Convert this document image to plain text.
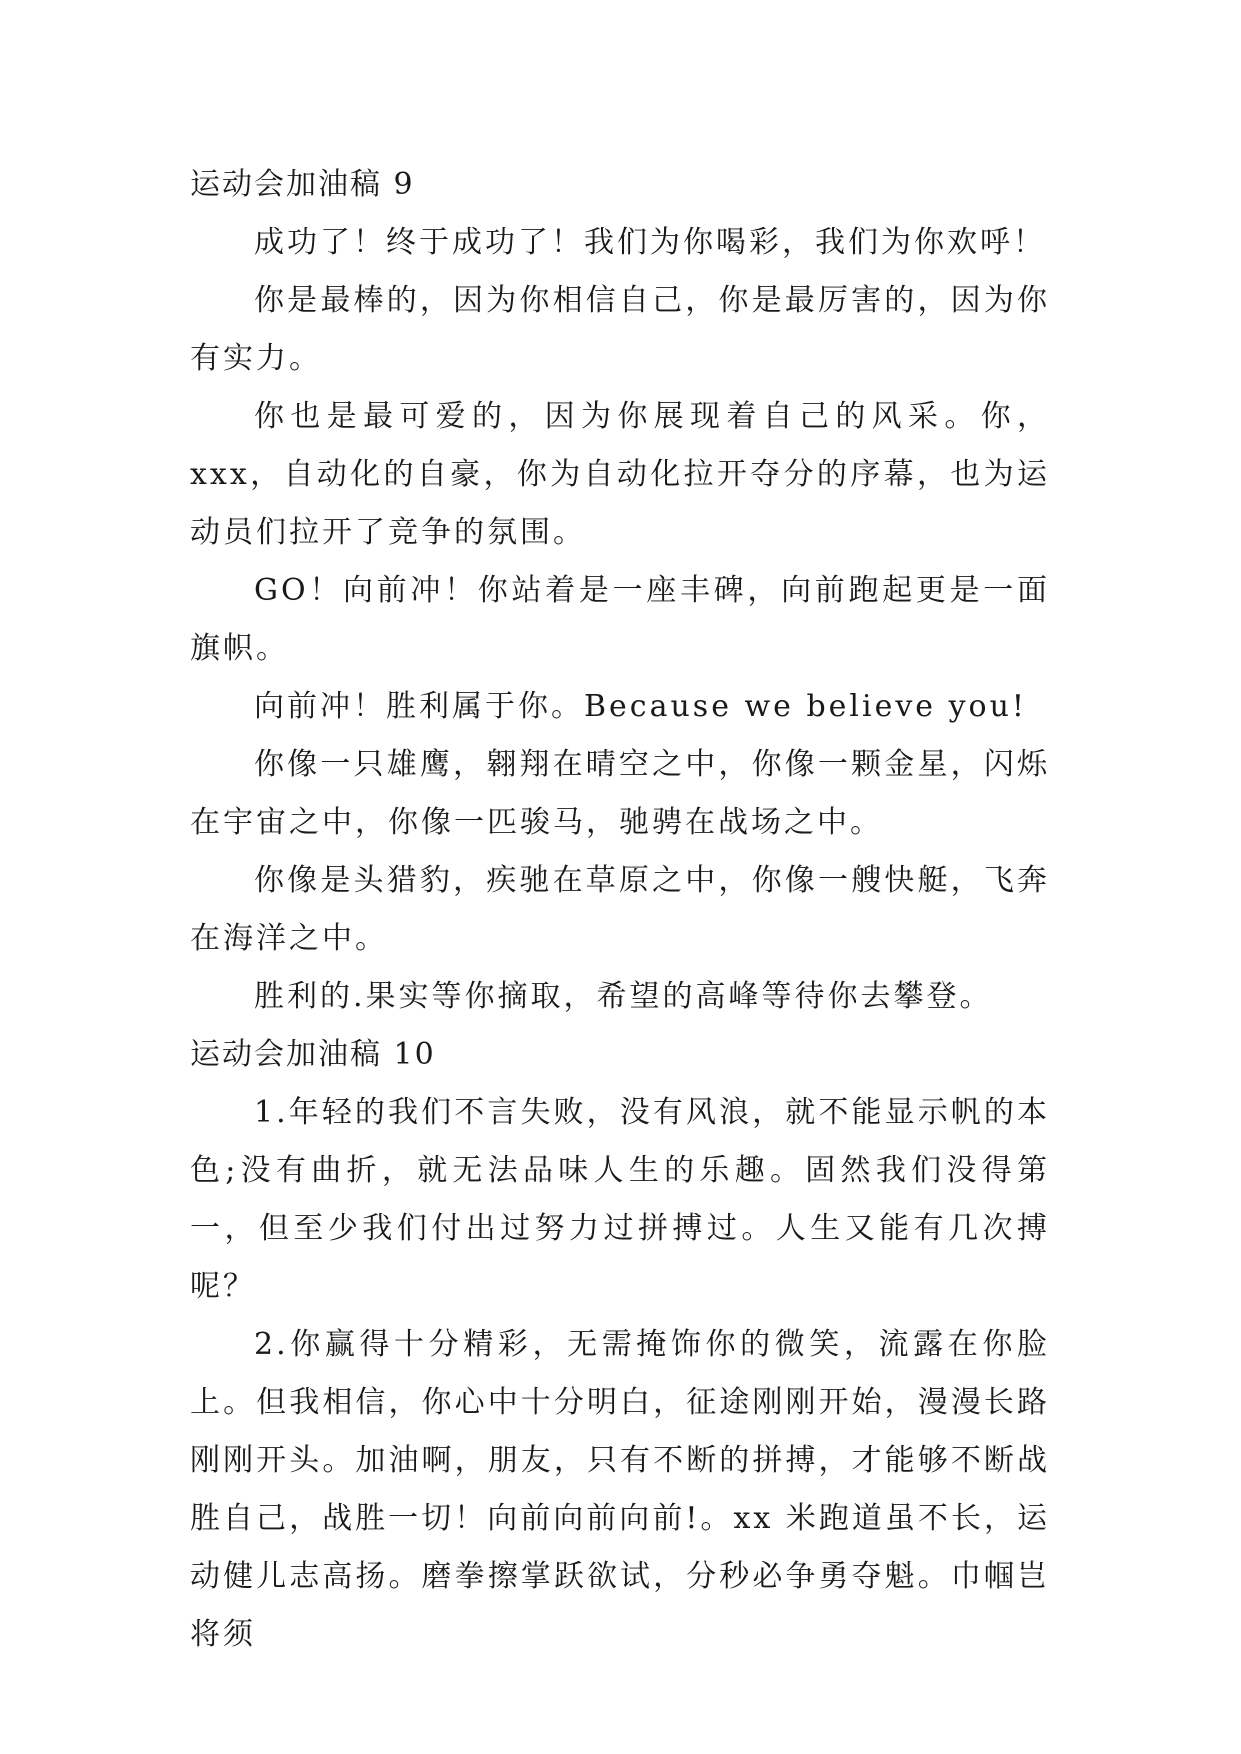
运动会加油稿 9

成功了！终于成功了！我们为你喝彩，我们为你欢呼！

你是最棒的，因为你相信自己，你是最厉害的，因为你有实力。

你也是最可爱的，因为你展现着自己的风采。你，xxx，自动化的自豪，你为自动化拉开夺分的序幕，也为运动员们拉开了竞争的氛围。

GO！向前冲！你站着是一座丰碑，向前跑起更是一面旗帜。

向前冲！胜利属于你。Because we believe you!

你像一只雄鹰，翱翔在晴空之中，你像一颗金星，闪烁在宇宙之中，你像一匹骏马，驰骋在战场之中。

你像是头猎豹，疾驰在草原之中，你像一艘快艇，飞奔在海洋之中。

胜利的.果实等你摘取，希望的高峰等待你去攀登。

运动会加油稿 10

1.年轻的我们不言失败，没有风浪，就不能显示帆的本色;没有曲折，就无法品味人生的乐趣。固然我们没得第一，但至少我们付出过努力过拼搏过。人生又能有几次搏呢？

2.你赢得十分精彩，无需掩饰你的微笑，流露在你脸上。但我相信，你心中十分明白，征途刚刚开始，漫漫长路刚刚开头。加油啊，朋友，只有不断的拼搏，才能够不断战胜自己，战胜一切！向前向前向前!。xx 米跑道虽不长，运动健儿志高扬。磨拳擦掌跃欲试，分秒必争勇夺魁。巾帼岂将须
